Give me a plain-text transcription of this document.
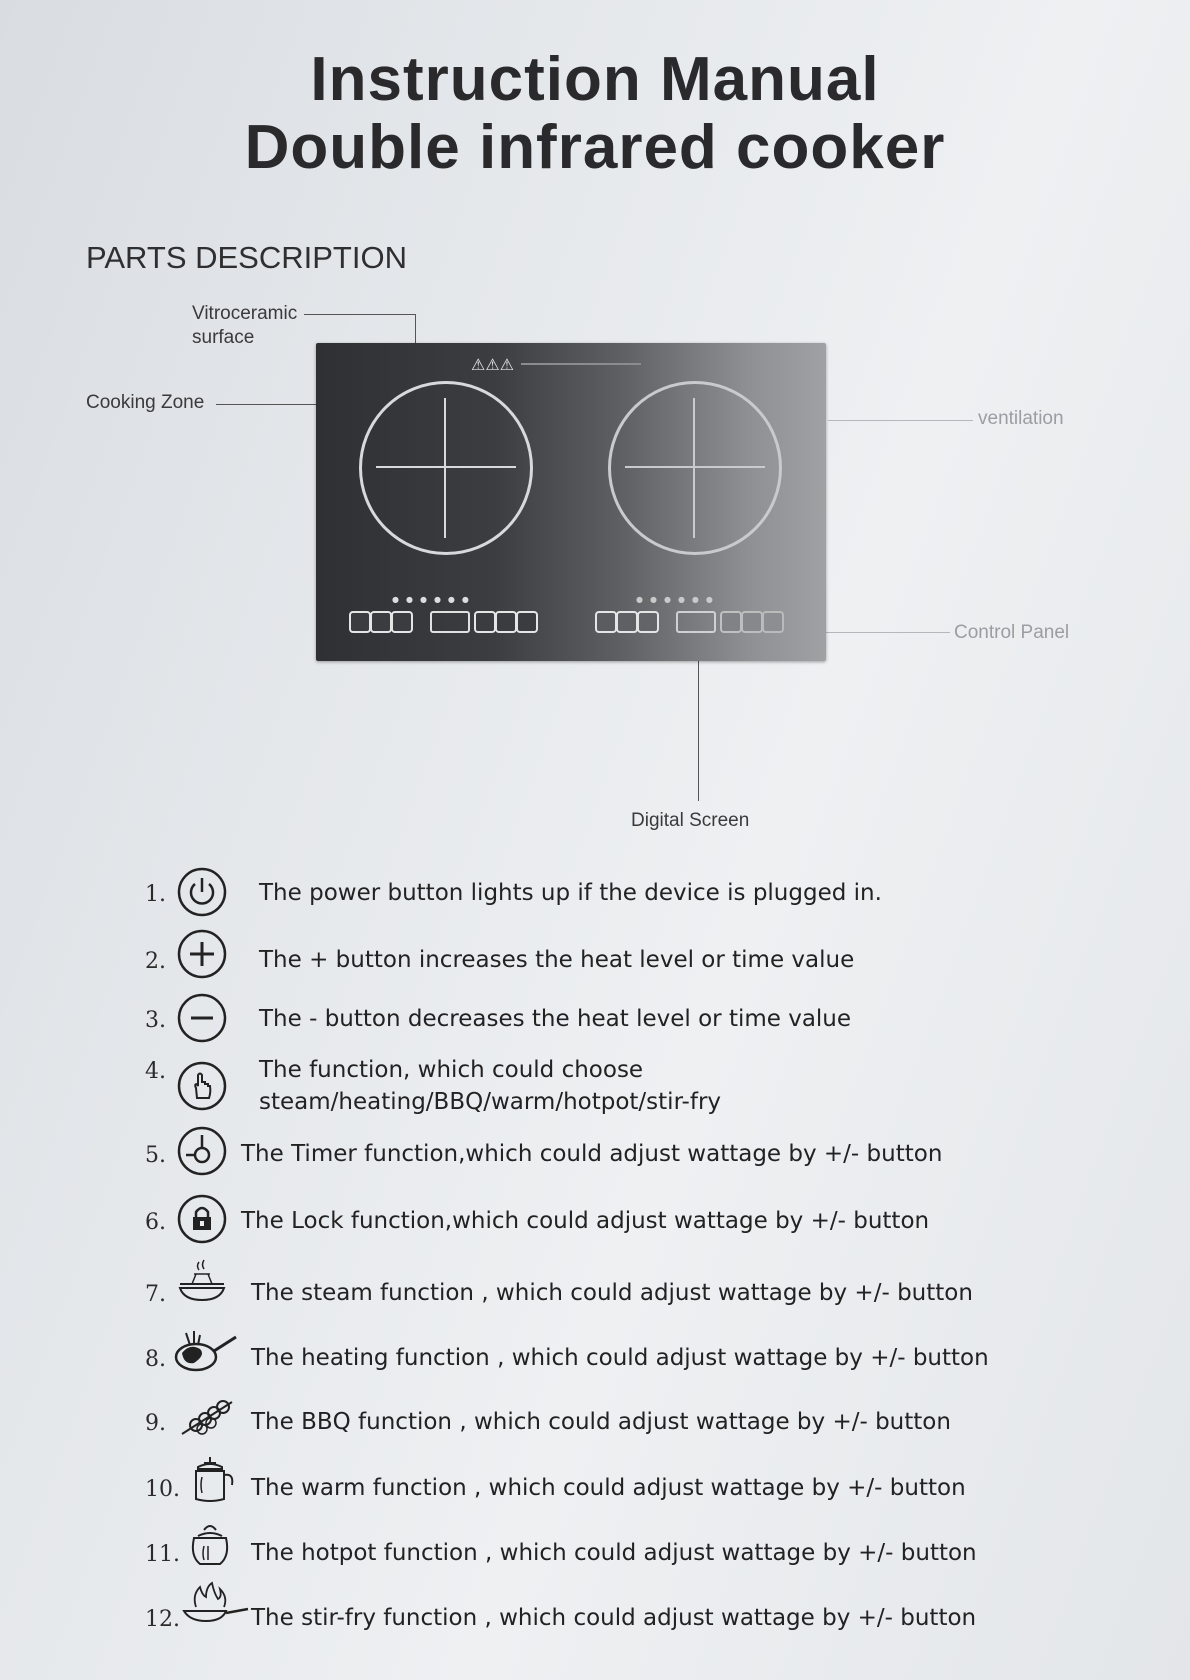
Instruction Manual
Double infrared cooker
PARTS DESCRIPTION
Vitroceramic
surface
Cooking Zone
ventilation
Control Panel
Digital Screen
⚠⚠⚠
●●●●●●	●●●●●●
1.	The power button lights up if the device is plugged in.
2.	The + button increases the heat level or time value
3.	The - button decreases the heat level or time value
4.	The function, which could choose
steam/heating/BBQ/warm/hotpot/stir-fry
5.	The Timer function,which could adjust wattage by +/- button
6.	The Lock function,which could adjust wattage by +/- button
7.	The steam function , which could adjust wattage by +/- button
8.	The heating function , which could adjust wattage by +/- button
9.	The BBQ function , which could adjust wattage by +/- button
10.	The warm function , which could adjust wattage by +/- button
11.	The hotpot function , which could adjust wattage by +/- button
12.	The stir-fry function , which could adjust wattage by +/- button
